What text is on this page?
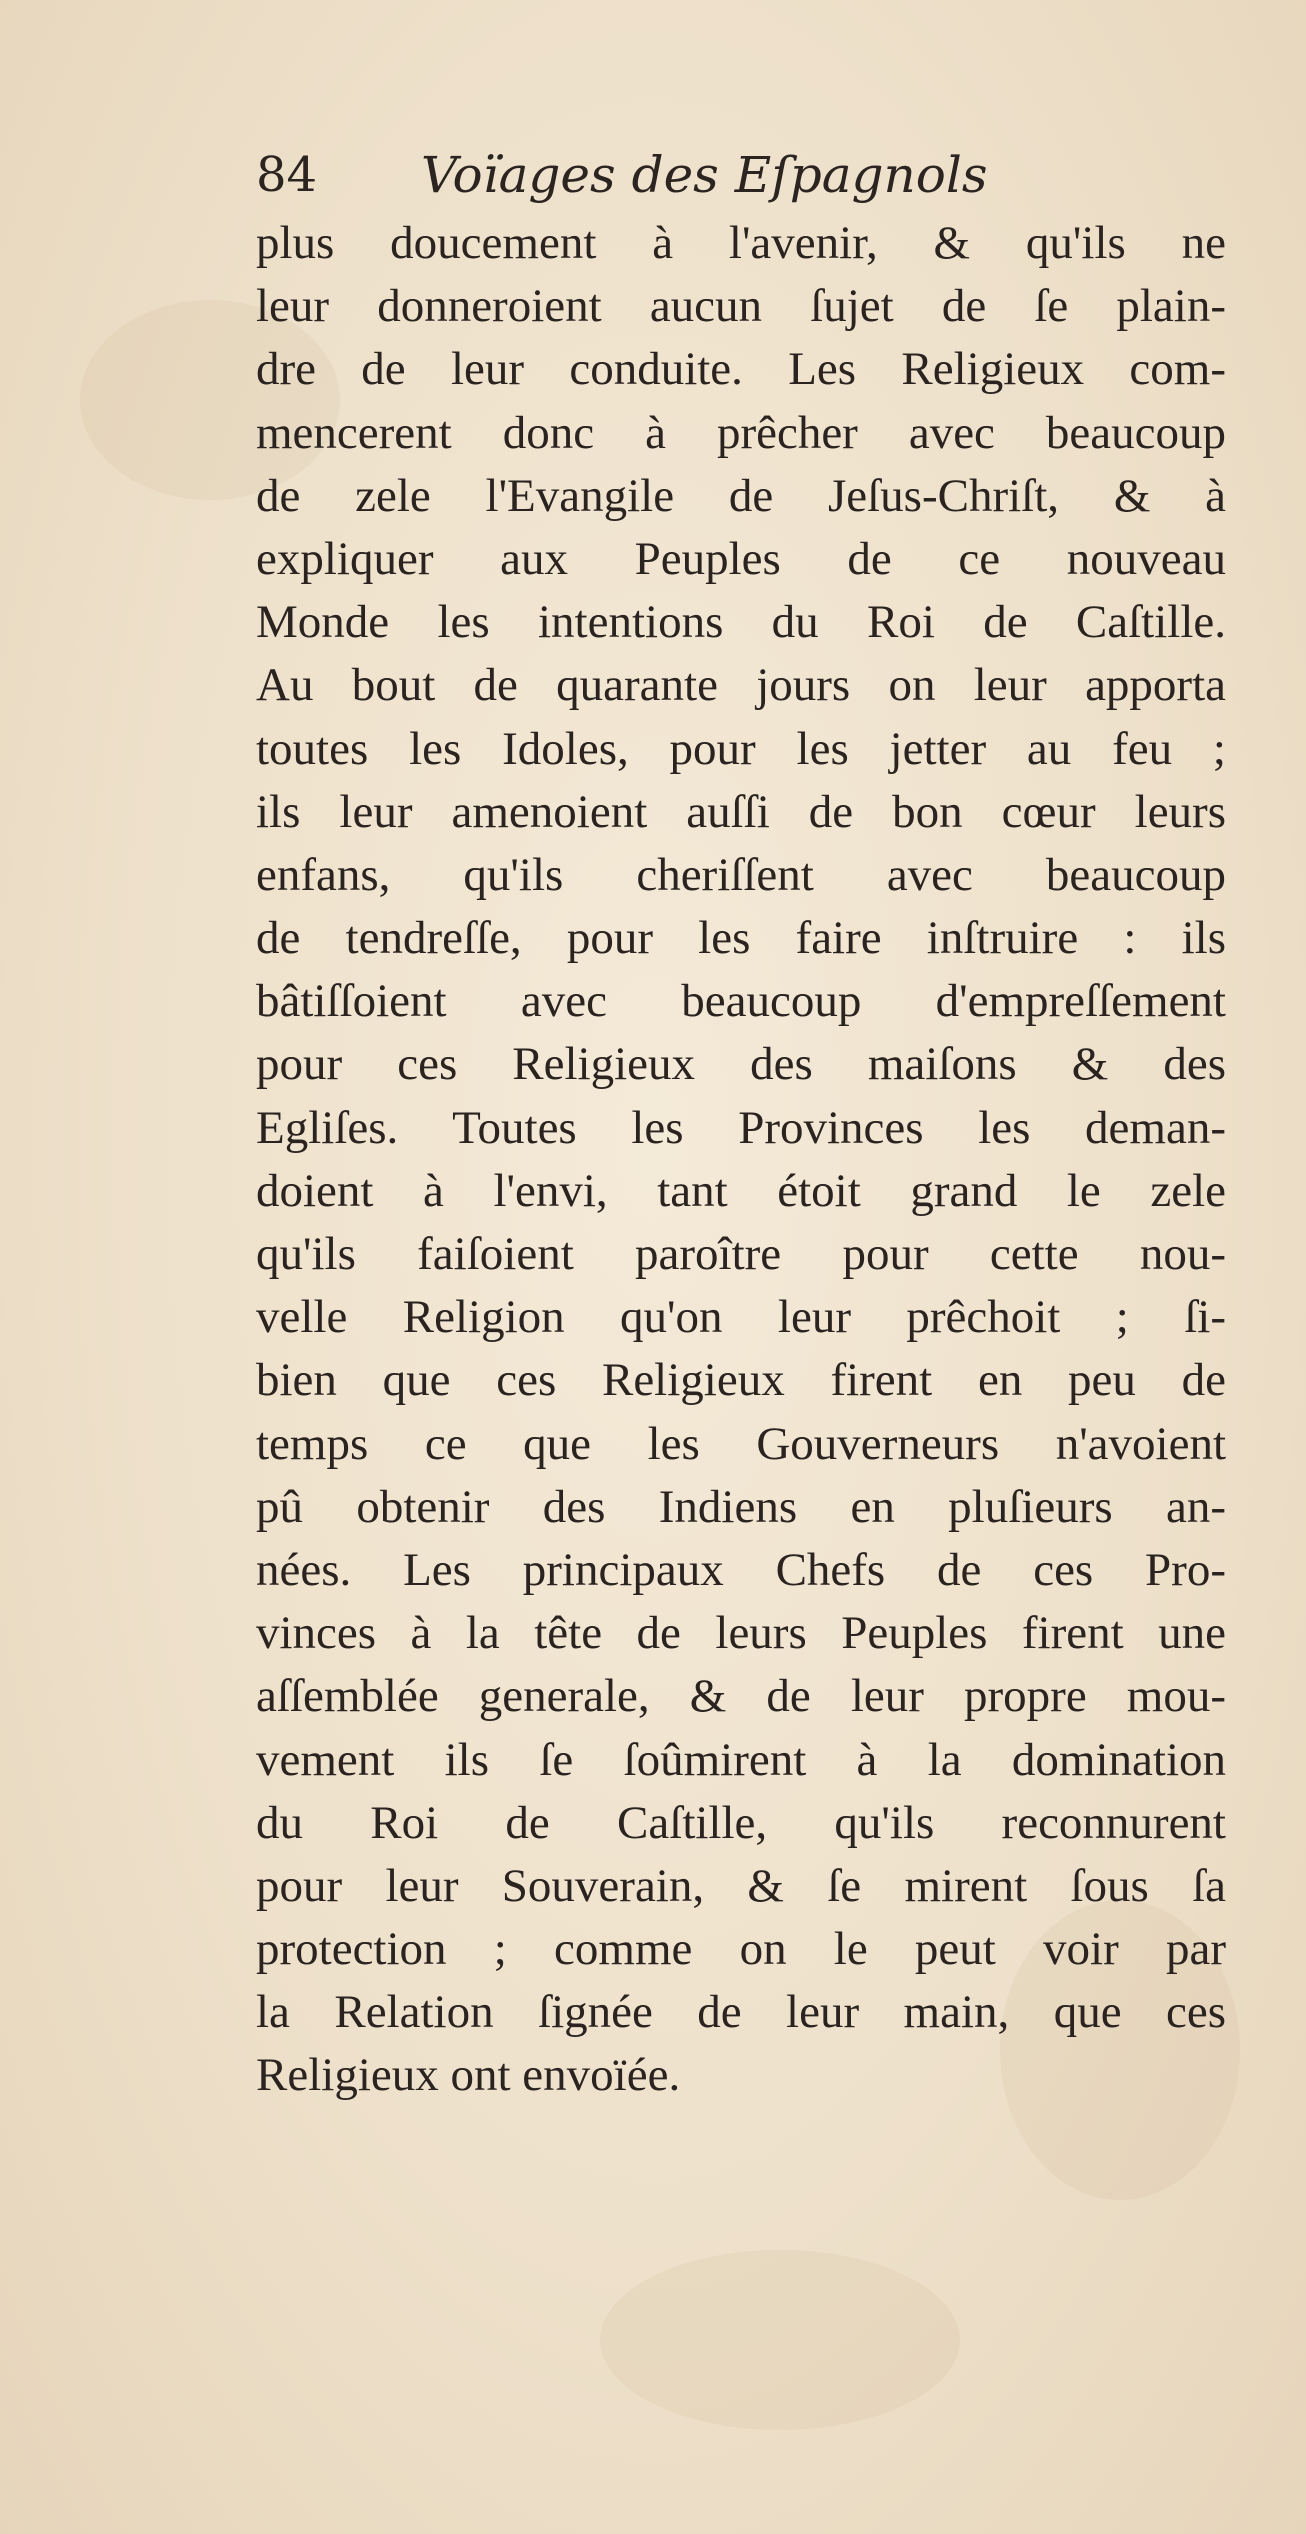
84 Voïages des Eſpagnols
plus doucement à l'avenir, & qu'ils ne
leur donneroient aucun ſujet de ſe plain-
dre de leur conduite. Les Religieux com-
mencerent donc à prêcher avec beaucoup
de zele l'Evangile de Jeſus-Chriſt, & à
expliquer aux Peuples de ce nouveau
Monde les intentions du Roi de Caſtille.
Au bout de quarante jours on leur apporta
toutes les Idoles, pour les jetter au feu ;
ils leur amenoient auſſi de bon cœur leurs
enfans, qu'ils cheriſſent avec beaucoup
de tendreſſe, pour les faire inſtruire : ils
bâtiſſoient avec beaucoup d'empreſſement
pour ces Religieux des maiſons & des
Egliſes. Toutes les Provinces les deman-
doient à l'envi, tant étoit grand le zele
qu'ils faiſoient paroître pour cette nou-
velle Religion qu'on leur prêchoit ; ſi-
bien que ces Religieux firent en peu de
temps ce que les Gouverneurs n'avoient
pû obtenir des Indiens en pluſieurs an-
nées. Les principaux Chefs de ces Pro-
vinces à la tête de leurs Peuples firent une
aſſemblée generale, & de leur propre mou-
vement ils ſe ſoûmirent à la domination
du Roi de Caſtille, qu'ils reconnurent
pour leur Souverain, & ſe mirent ſous ſa
protection ; comme on le peut voir par
la Relation ſignée de leur main, que ces
Religieux ont envoïée.
